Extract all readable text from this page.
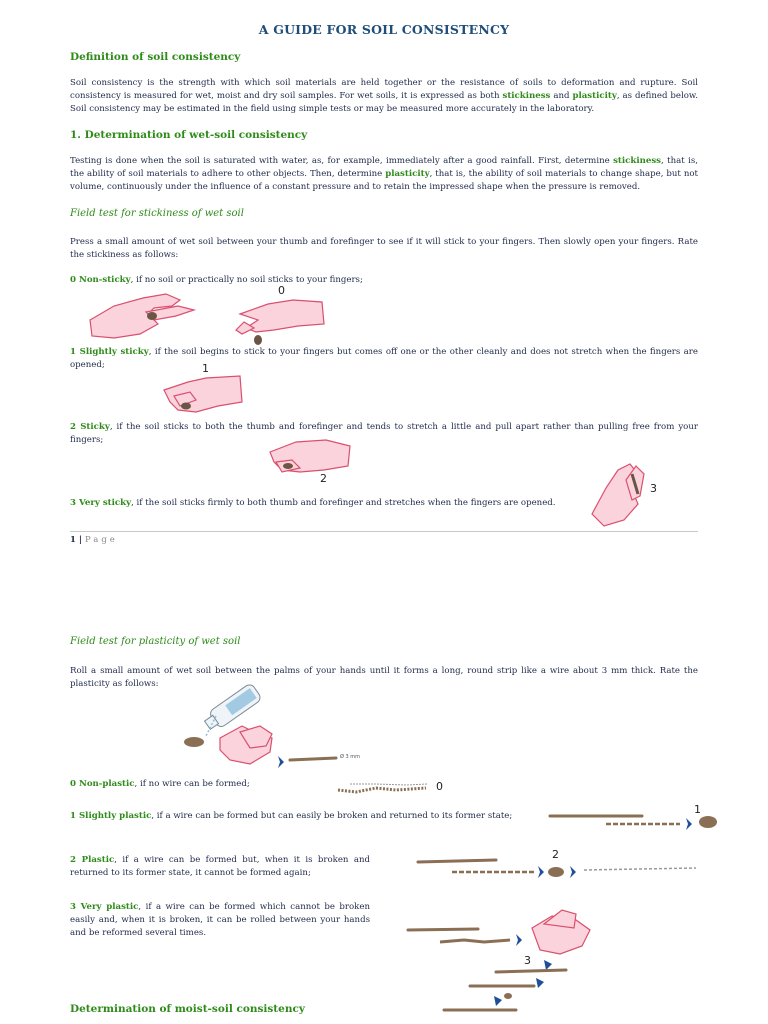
A GUIDE FOR SOIL CONSISTENCY
Definition of soil consistency
Soil consistency is the strength with which soil materials are held together or the resistance of soils to deformation and rupture. Soil consistency is measured for wet, moist and dry soil samples. For wet soils, it is expressed as both stickiness and plasticity, as defined below. Soil consistency may be estimated in the field using simple tests or may be measured more accurately in the laboratory.
1. Determination of wet-soil consistency
Testing is done when the soil is saturated with water, as, for example, immediately after a good rainfall. First, determine stickiness, that is, the ability of soil materials to adhere to other objects. Then, determine plasticity, that is, the ability of soil materials to change shape, but not volume, continuously under the influence of a constant pressure and to retain the impressed shape when the pressure is removed.
Field test for stickiness of wet soil
Press a small amount of wet soil between your thumb and forefinger to see if it will stick to your fingers. Then slowly open your fingers. Rate the stickiness as follows:
0 Non-sticky, if no soil or practically no soil sticks to your fingers;
0
1 Slightly sticky, if the soil begins to stick to your fingers but comes off one or the other cleanly and does not stretch when the fingers are opened;	1
2 Sticky, if the soil sticks to both the thumb and forefinger and tends to stretch a little and pull apart rather than pulling free from your fingers;
2
3 Very sticky, if the soil sticks firmly to both thumb and forefinger and stretches when the fingers are opened.
3
1 | Page
Field test for plasticity of wet soil
Roll a small amount of wet soil between the palms of your hands until it forms a long, round strip like a wire about 3 mm thick. Rate the plasticity as follows:
Ø 3 mm
0 Non-plastic, if no wire can be formed;	0
1 Slightly plastic, if a wire can be formed but can easily be broken and returned to its former state;	1
2 Plastic, if a wire can be formed but, when it is broken and returned to its former state, it cannot be formed again;
2
3 Very plastic, if a wire can be formed which cannot be broken easily and, when it is broken, it can be rolled between your hands and be reformed several times.
3
Determination of moist-soil consistency
